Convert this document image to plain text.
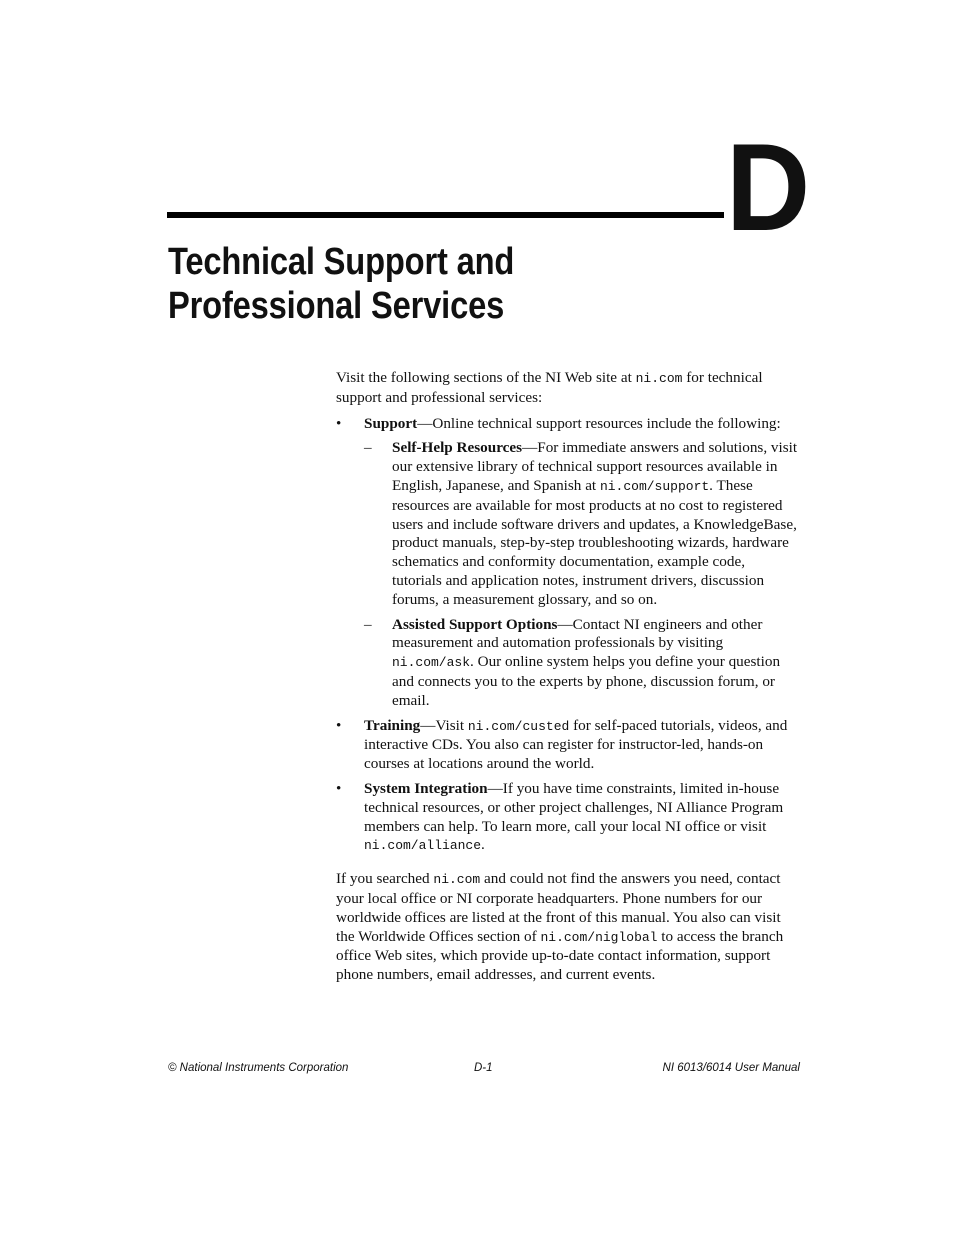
D
Technical Support and
Professional Services

Visit the following sections of the NI Web site at ni.com for technical support and professional services:

• Support—Online technical support resources include the following:
– Self-Help Resources—For immediate answers and solutions, visit our extensive library of technical support resources available in English, Japanese, and Spanish at ni.com/support. These resources are available for most products at no cost to registered users and include software drivers and updates, a KnowledgeBase, product manuals, step-by-step troubleshooting wizards, hardware schematics and conformity documentation, example code, tutorials and application notes, instrument drivers, discussion forums, a measurement glossary, and so on.
– Assisted Support Options—Contact NI engineers and other measurement and automation professionals by visiting ni.com/ask. Our online system helps you define your question and connects you to the experts by phone, discussion forum, or email.
• Training—Visit ni.com/custed for self-paced tutorials, videos, and interactive CDs. You also can register for instructor-led, hands-on courses at locations around the world.
• System Integration—If you have time constraints, limited in-house technical resources, or other project challenges, NI Alliance Program members can help. To learn more, call your local NI office or visit ni.com/alliance.

If you searched ni.com and could not find the answers you need, contact your local office or NI corporate headquarters. Phone numbers for our worldwide offices are listed at the front of this manual. You also can visit the Worldwide Offices section of ni.com/niglobal to access the branch office Web sites, which provide up-to-date contact information, support phone numbers, email addresses, and current events.

© National Instruments Corporation	D-1	NI 6013/6014 User Manual
